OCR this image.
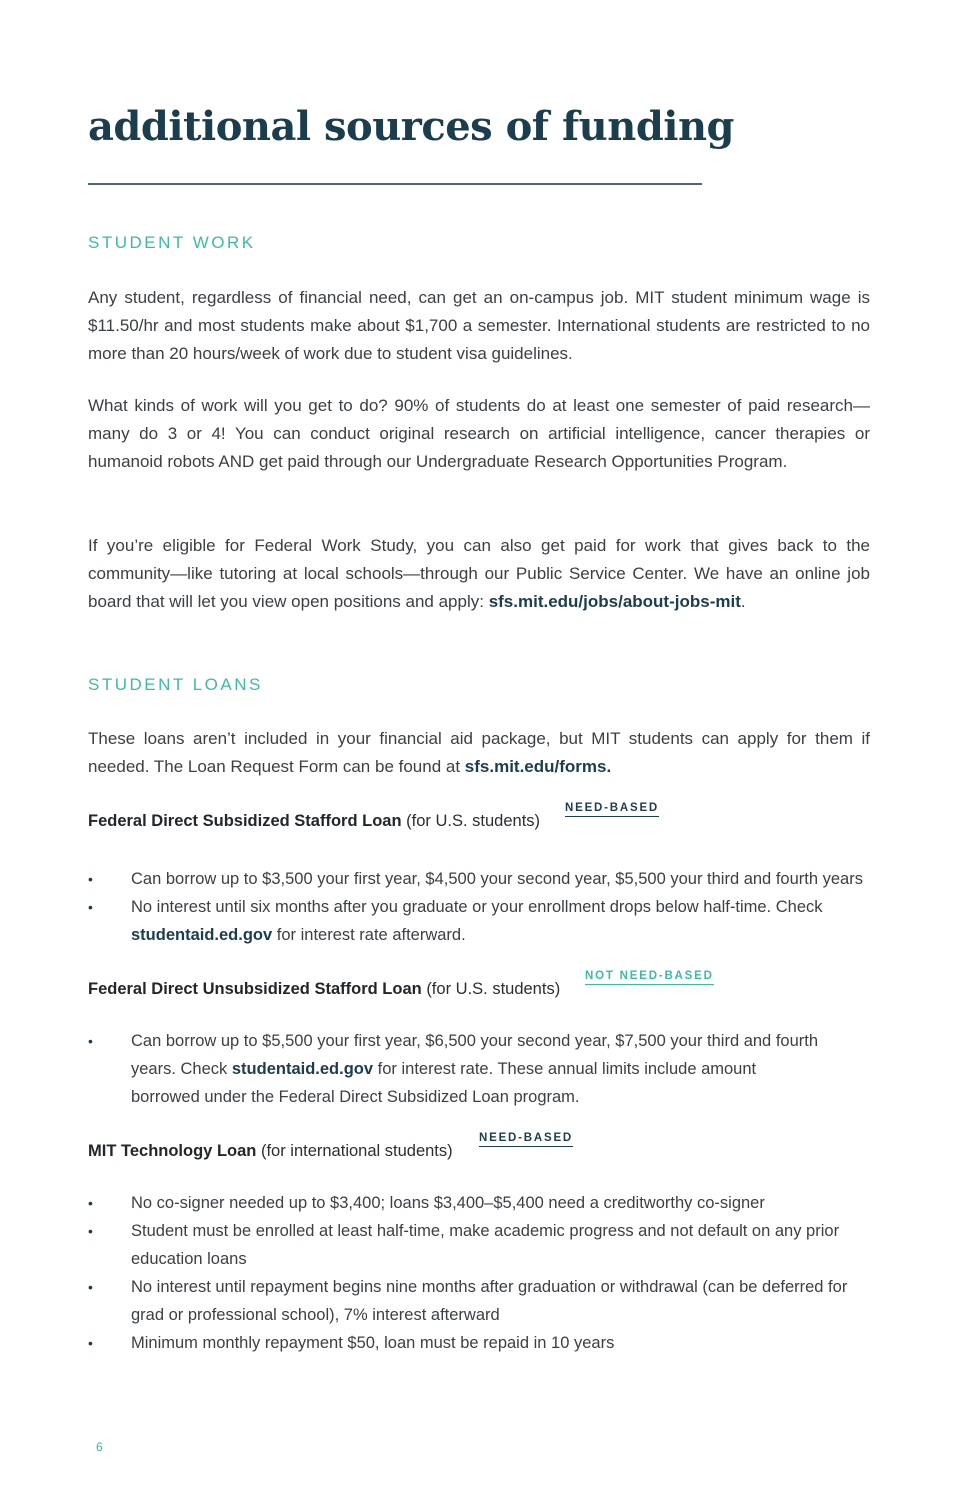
additional sources of funding
STUDENT WORK

Any student, regardless of financial need, can get an on-campus job. MIT student minimum wage is $11.50/hr and most students make about $1,700 a semester. International students are restricted to no more than 20 hours/week of work due to student visa guidelines.

What kinds of work will you get to do? 90% of students do at least one semester of paid research—many do 3 or 4! You can conduct original research on artificial intelligence, cancer therapies or humanoid robots AND get paid through our Undergraduate Research Opportunities Program.

If you’re eligible for Federal Work Study, you can also get paid for work that gives back to the community—like tutoring at local schools—through our Public Service Center. We have an online job board that will let you view open positions and apply: sfs.mit.edu/jobs/about-jobs-mit.

STUDENT LOANS

These loans aren’t included in your financial aid package, but MIT students can apply for them if needed. The Loan Request Form can be found at sfs.mit.edu/forms.

Federal Direct Subsidized Stafford Loan (for U.S. students)
NEED-BASED
• Can borrow up to $3,500 your first year, $4,500 your second year, $5,500 your third and fourth years
• No interest until six months after you graduate or your enrollment drops below half-time. Check studentaid.ed.gov for interest rate afterward.
Federal Direct Unsubsidized Stafford Loan (for U.S. students)
NOT NEED-BASED
• Can borrow up to $5,500 your first year, $6,500 your second year, $7,500 your third and fourth years. Check studentaid.ed.gov for interest rate. These annual limits include amount borrowed under the Federal Direct Subsidized Loan program.
MIT Technology Loan (for international students)
NEED-BASED
• No co-signer needed up to $3,400; loans $3,400–$5,400 need a creditworthy co-signer
• Student must be enrolled at least half-time, make academic progress and not default on any prior education loans
• No interest until repayment begins nine months after graduation or withdrawal (can be deferred for grad or professional school), 7% interest afterward
• Minimum monthly repayment $50, loan must be repaid in 10 years
6
